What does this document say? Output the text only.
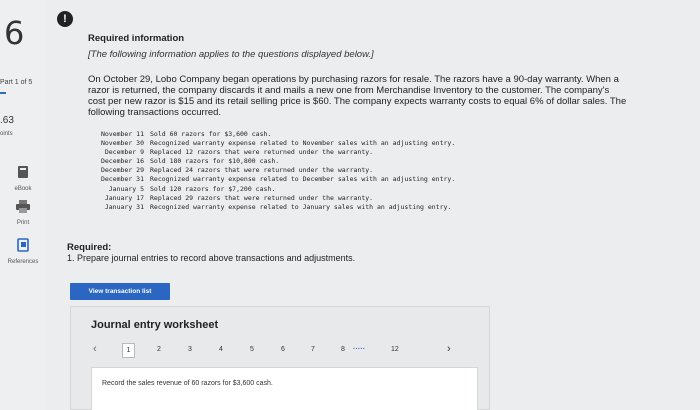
6
Part 1 of 5
.63
oints
eBook
Print
References
!
Required information
[The following information applies to the questions displayed below.]
On October 29, Lobo Company began operations by purchasing razors for resale. The razors have a 90-day warranty. When a razor is returned, the company discards it and mails a new one from Merchandise Inventory to the customer. The company's cost per new razor is $15 and its retail selling price is $60. The company expects warranty costs to equal 6% of dollar sales. The following transactions occurred.
November 11 Sold 60 razors for $3,600 cash.
November 30 Recognized warranty expense related to November sales with an adjusting entry.
December 9 Replaced 12 razors that were returned under the warranty.
December 16 Sold 180 razors for $10,800 cash.
December 29 Replaced 24 razors that were returned under the warranty.
December 31 Recognized warranty expense related to December sales with an adjusting entry.
January 5 Sold 120 razors for $7,200 cash.
January 17 Replaced 29 razors that were returned under the warranty.
January 31 Recognized warranty expense related to January sales with an adjusting entry.
Required:
1. Prepare journal entries to record above transactions and adjustments.
View transaction list
Journal entry worksheet
‹	1	2	3	4	5	6	7	8 .....	12	›
Record the sales revenue of 60 razors for $3,600 cash.
